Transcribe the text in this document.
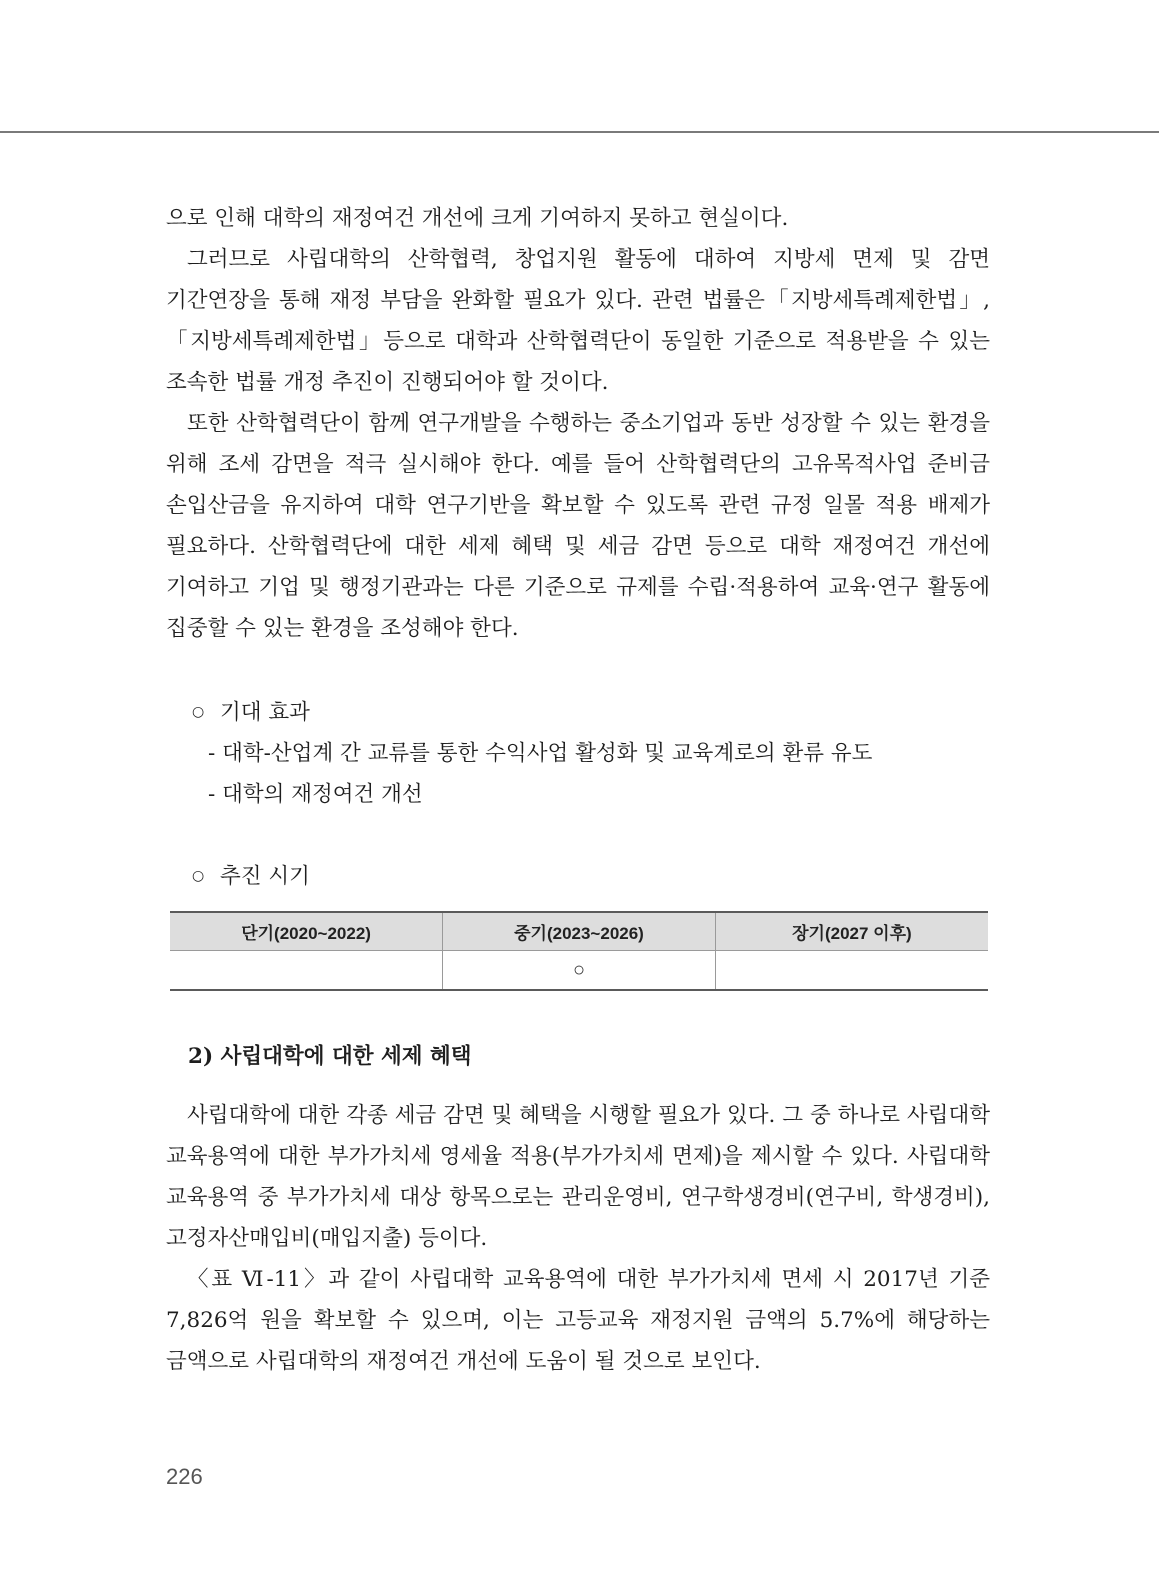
으로 인해 대학의 재정여건 개선에 크게 기여하지 못하고 현실이다.

그러므로 사립대학의 산학협력, 창업지원 활동에 대하여 지방세 면제 및 감면 기간연장을 통해 재정 부담을 완화할 필요가 있다. 관련 법률은「지방세특례제한법」,「지방세특례제한법」등으로 대학과 산학협력단이 동일한 기준으로 적용받을 수 있는 조속한 법률 개정 추진이 진행되어야 할 것이다.

또한 산학협력단이 함께 연구개발을 수행하는 중소기업과 동반 성장할 수 있는 환경을 위해 조세 감면을 적극 실시해야 한다. 예를 들어 산학협력단의 고유목적사업 준비금 손입산금을 유지하여 대학 연구기반을 확보할 수 있도록 관련 규정 일몰 적용 배제가 필요하다. 산학협력단에 대한 세제 혜택 및 세금 감면 등으로 대학 재정여건 개선에 기여하고 기업 및 행정기관과는 다른 기준으로 규제를 수립·적용하여 교육·연구 활동에 집중할 수 있는 환경을 조성해야 한다.

○ 기대 효과
- 대학-산업계 간 교류를 통한 수익사업 활성화 및 교육계로의 환류 유도
- 대학의 재정여건 개선
○ 추진 시기
단기(2020~2022)	중기(2023~2026)	장기(2027 이후)
	○	
2) 사립대학에 대한 세제 혜택

사립대학에 대한 각종 세금 감면 및 혜택을 시행할 필요가 있다. 그 중 하나로 사립대학 교육용역에 대한 부가가치세 영세율 적용(부가가치세 면제)을 제시할 수 있다. 사립대학 교육용역 중 부가가치세 대상 항목으로는 관리운영비, 연구학생경비(연구비, 학생경비), 고정자산매입비(매입지출) 등이다.

〈표 Ⅵ-11〉과 같이 사립대학 교육용역에 대한 부가가치세 면세 시 2017년 기준 7,826억 원을 확보할 수 있으며, 이는 고등교육 재정지원 금액의 5.7%에 해당하는 금액으로 사립대학의 재정여건 개선에 도움이 될 것으로 보인다.

226
